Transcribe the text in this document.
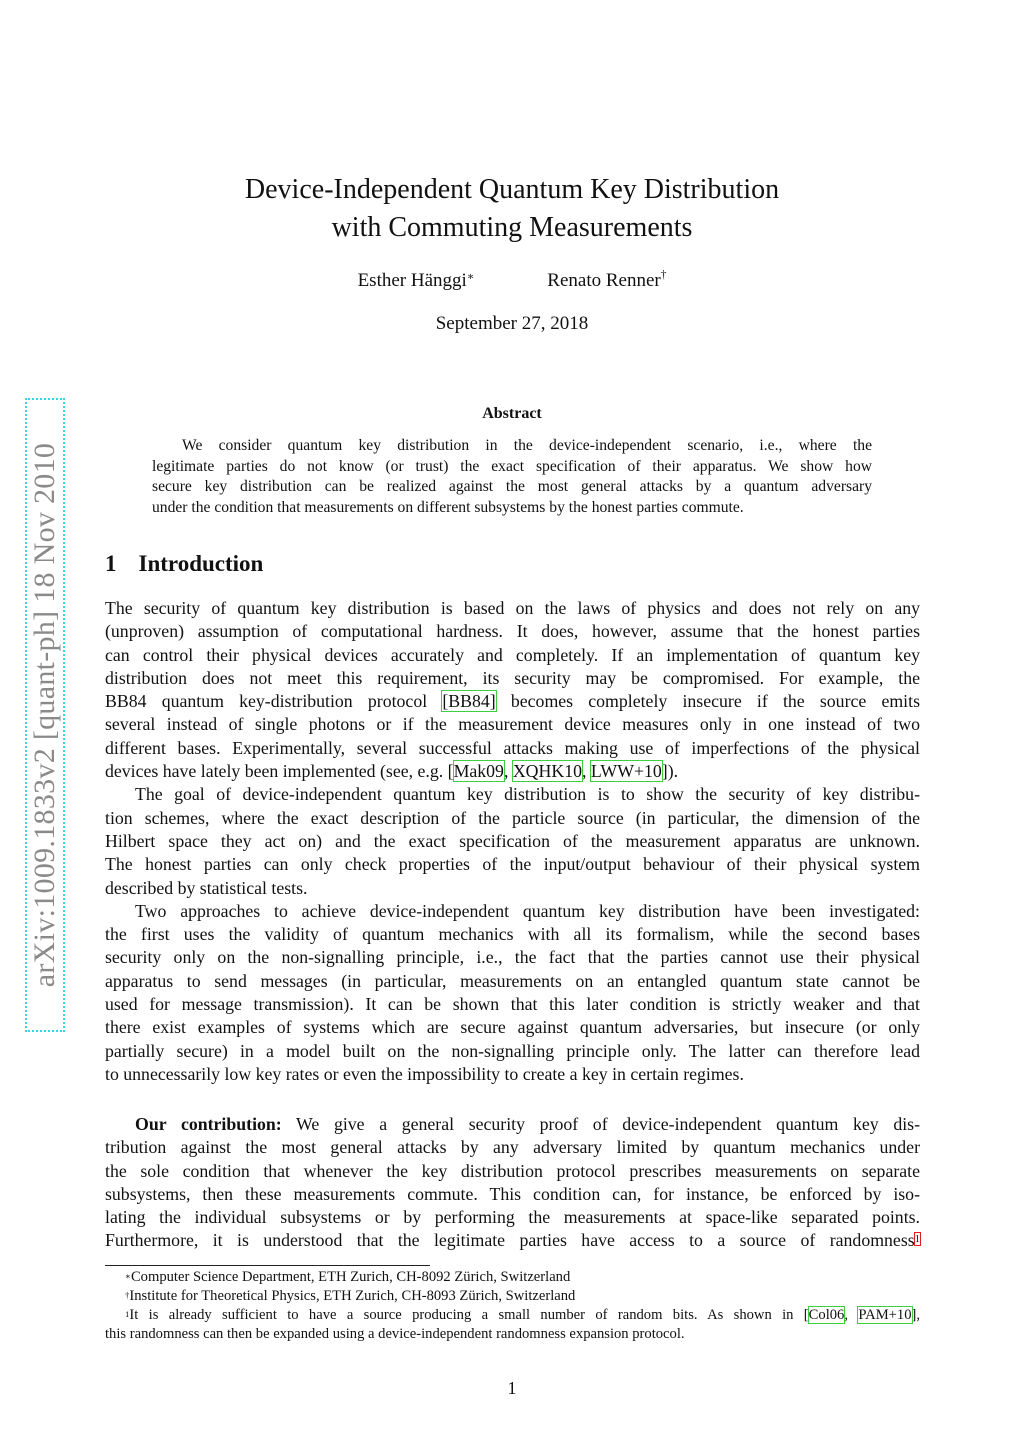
arXiv:1009.1833v2 [quant-ph] 18 Nov 2010
Device-Independent Quantum Key Distribution
with Commuting Measurements
Esther Hänggi∗	Renato Renner†
September 27, 2018
Abstract
We consider quantum key distribution in the device-independent scenario, i.e., where the
legitimate parties do not know (or trust) the exact specification of their apparatus. We show how
secure key distribution can be realized against the most general attacks by a quantum adversary
under the condition that measurements on different subsystems by the honest parties commute.
1 Introduction
The security of quantum key distribution is based on the laws of physics and does not rely on any
(unproven) assumption of computational hardness. It does, however, assume that the honest parties
can control their physical devices accurately and completely. If an implementation of quantum key
distribution does not meet this requirement, its security may be compromised. For example, the
BB84 quantum key-distribution protocol [BB84] becomes completely insecure if the source emits
several instead of single photons or if the measurement device measures only in one instead of two
different bases. Experimentally, several successful attacks making use of imperfections of the physical
devices have lately been implemented (see, e.g. [Mak09, XQHK10, LWW+10]).
The goal of device-independent quantum key distribution is to show the security of key distribu-
tion schemes, where the exact description of the particle source (in particular, the dimension of the
Hilbert space they act on) and the exact specification of the measurement apparatus are unknown.
The honest parties can only check properties of the input/output behaviour of their physical system
described by statistical tests.
Two approaches to achieve device-independent quantum key distribution have been investigated:
the first uses the validity of quantum mechanics with all its formalism, while the second bases
security only on the non-signalling principle, i.e., the fact that the parties cannot use their physical
apparatus to send messages (in particular, measurements on an entangled quantum state cannot be
used for message transmission). It can be shown that this later condition is strictly weaker and that
there exist examples of systems which are secure against quantum adversaries, but insecure (or only
partially secure) in a model built on the non-signalling principle only. The latter can therefore lead
to unnecessarily low key rates or even the impossibility to create a key in certain regimes.
Our contribution: We give a general security proof of device-independent quantum key dis-
tribution against the most general attacks by any adversary limited by quantum mechanics under
the sole condition that whenever the key distribution protocol prescribes measurements on separate
subsystems, then these measurements commute. This condition can, for instance, be enforced by iso-
lating the individual subsystems or by performing the measurements at space-like separated points.
Furthermore, it is understood that the legitimate parties have access to a source of randomness$^1$
∗Computer Science Department, ETH Zurich, CH-8092 Zürich, Switzerland
†Institute for Theoretical Physics, ETH Zurich, CH-8093 Zürich, Switzerland
$^1$It is already sufficient to have a source producing a small number of random bits. As shown in [Col06, PAM+10],
this randomness can then be expanded using a device-independent randomness expansion protocol.
1
